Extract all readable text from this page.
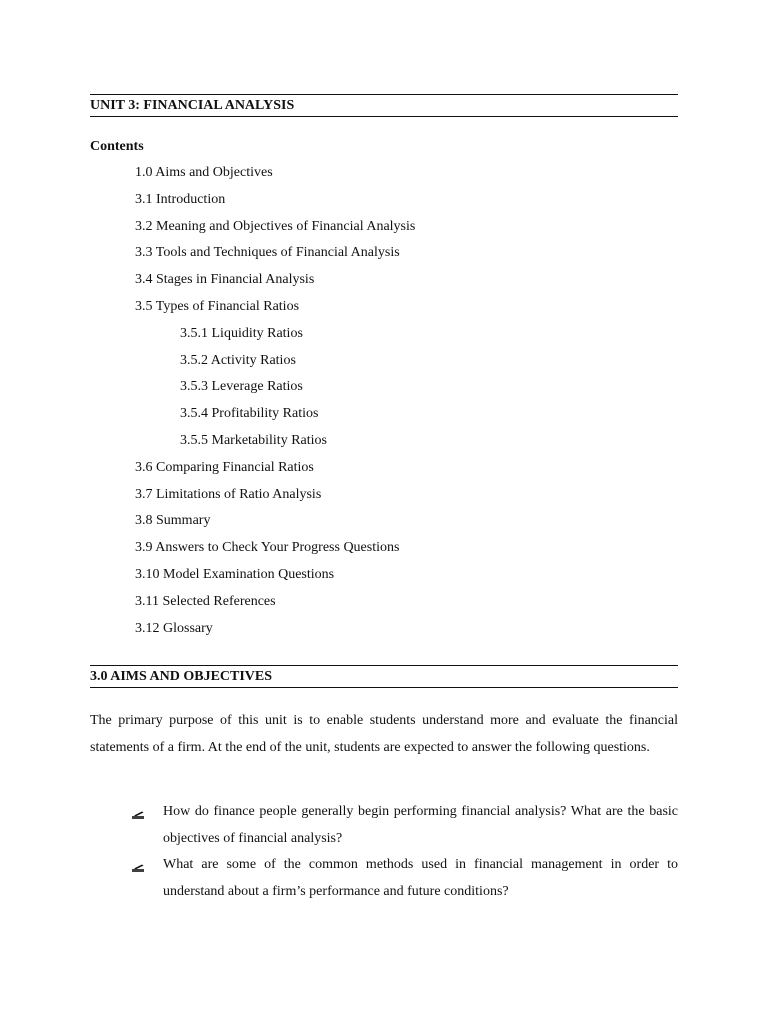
UNIT 3: FINANCIAL ANALYSIS
Contents
1.0 Aims and Objectives
3.1 Introduction
3.2 Meaning and Objectives of Financial Analysis
3.3 Tools and Techniques of Financial Analysis
3.4 Stages in Financial Analysis
3.5 Types of Financial Ratios
3.5.1 Liquidity Ratios
3.5.2 Activity Ratios
3.5.3 Leverage Ratios
3.5.4 Profitability Ratios
3.5.5 Marketability Ratios
3.6 Comparing Financial Ratios
3.7 Limitations of Ratio Analysis
3.8 Summary
3.9 Answers to Check Your Progress Questions
3.10 Model Examination Questions
3.11 Selected References
3.12 Glossary
3.0 AIMS AND OBJECTIVES

The primary purpose of this unit is to enable students understand more and evaluate the financial statements of a firm. At the end of the unit, students are expected to answer the following questions.

How do finance people generally begin performing financial analysis? What are the basic objectives of financial analysis?
What are some of the common methods used in financial management in order to understand about a firm’s performance and future conditions?
